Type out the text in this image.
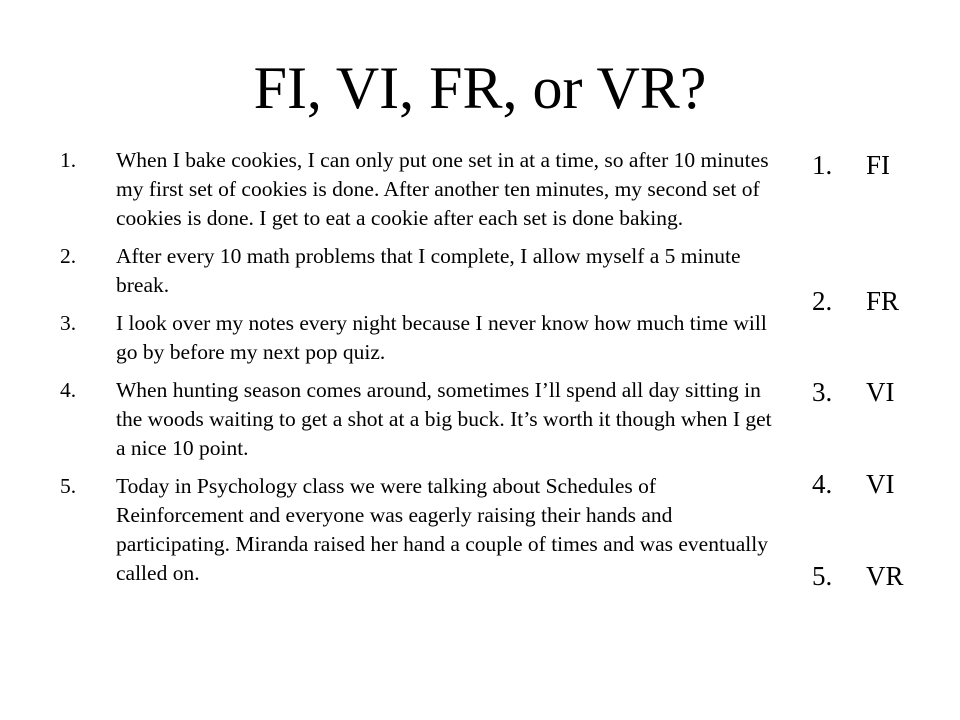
FI, VI, FR, or VR?
1.	When I bake cookies, I can only put one set in at a time, so after 10 minutes my first set of cookies is done. After another ten minutes, my second set of cookies is done. I get to eat a cookie after each set is done baking.
2.	After every 10 math problems that I complete, I allow myself a 5 minute break.
3.	I look over my notes every night because I never know how much time will go by before my next pop quiz.
4.	When hunting season comes around, sometimes I’ll spend all day sitting in the woods waiting to get a shot at a big buck. It’s worth it though when I get a nice 10 point.
5.	Today in Psychology class we were talking about Schedules of Reinforcement and everyone was eagerly raising their hands and participating. Miranda raised her hand a couple of times and was eventually called on.
1.	FI
2.	FR
3.	VI
4.	VI
5.	VR
